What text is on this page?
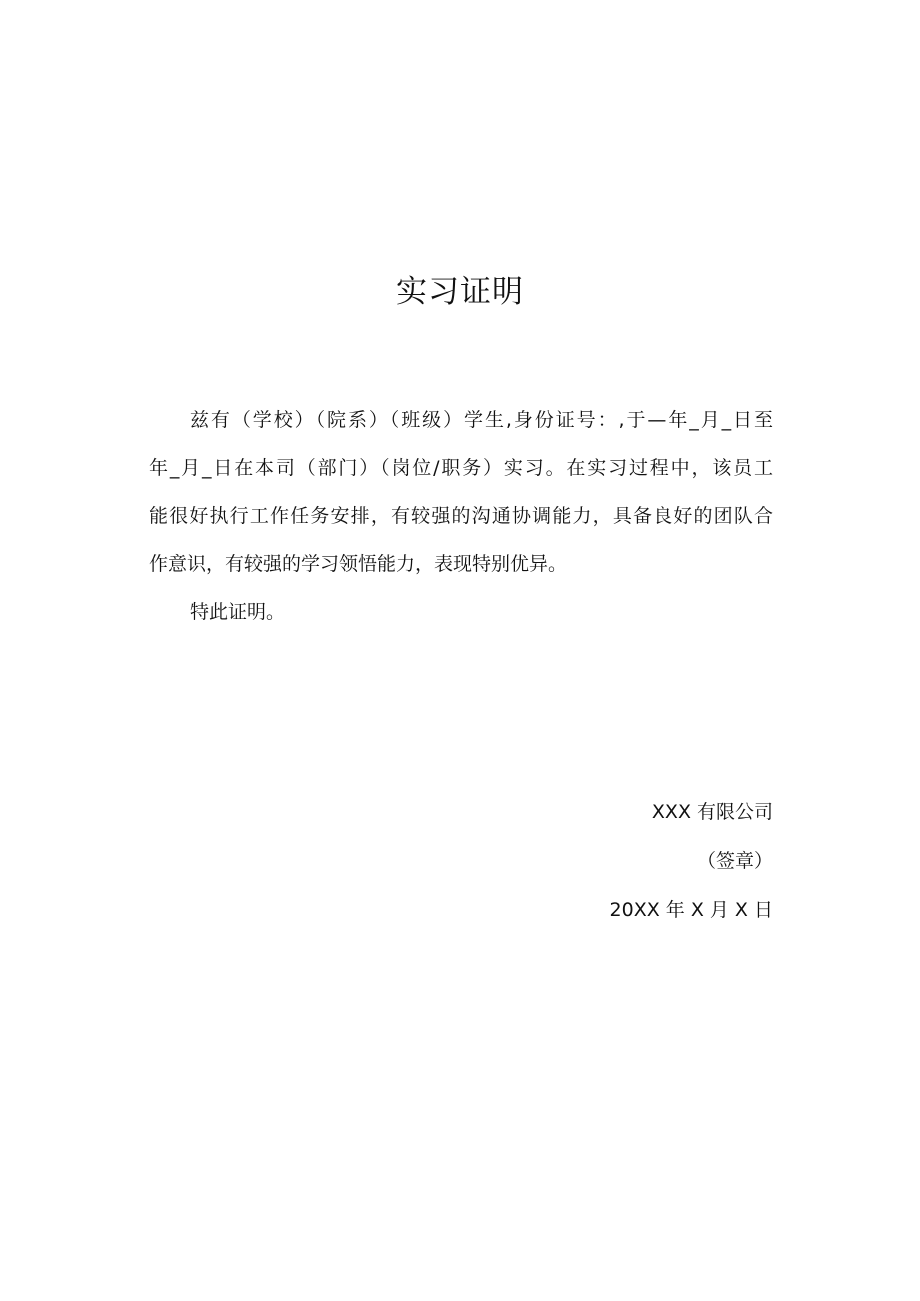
实习证明
兹有（学校）（院系）（班级）学生,身份证号：,于—年_月_日至
年_月_日在本司（部门）（岗位/职务）实习。在实习过程中，该员工
能很好执行工作任务安排，有较强的沟通协调能力，具备良好的团队合
作意识，有较强的学习领悟能力，表现特别优异。
特此证明。
XXX 有限公司
（签章）
20XX 年 X 月 X 日
